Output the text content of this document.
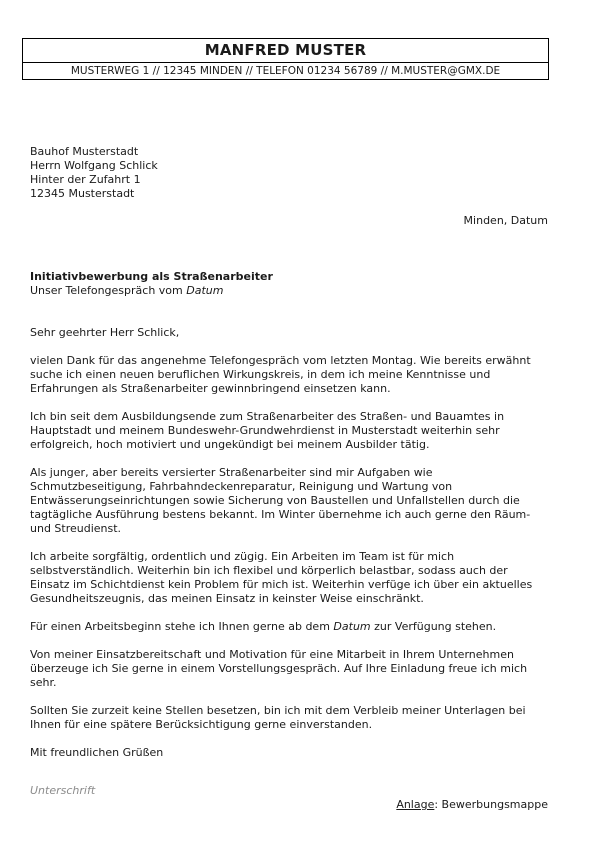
MANFRED MUSTER
MUSTERWEG 1 // 12345 MINDEN // TELEFON 01234 56789 // M.MUSTER@GMX.DE
Bauhof Musterstadt
Herrn Wolfgang Schlick
Hinter der Zufahrt 1
12345 Musterstadt
Minden, Datum
Initiativbewerbung als Straßenarbeiter
Unser Telefongespräch vom Datum

Sehr geehrter Herr Schlick,

vielen Dank für das angenehme Telefongespräch vom letzten Montag. Wie bereits erwähnt suche ich einen neuen beruflichen Wirkungskreis, in dem ich meine Kenntnisse und Erfahrungen als Straßenarbeiter gewinnbringend einsetzen kann.

Ich bin seit dem Ausbildungsende zum Straßenarbeiter des Straßen- und Bauamtes in Hauptstadt und meinem Bundeswehr-Grundwehrdienst in Musterstadt weiterhin sehr erfolgreich, hoch motiviert und ungekündigt bei meinem Ausbilder tätig.

Als junger, aber bereits versierter Straßenarbeiter sind mir Aufgaben wie Schmutzbeseitigung, Fahrbahndeckenreparatur, Reinigung und Wartung von Entwässerungseinrichtungen sowie Sicherung von Baustellen und Unfallstellen durch die tagtägliche Ausführung bestens bekannt. Im Winter übernehme ich auch gerne den Räum- und Streudienst.

Ich arbeite sorgfältig, ordentlich und zügig. Ein Arbeiten im Team ist für mich selbstverständlich. Weiterhin bin ich flexibel und körperlich belastbar, sodass auch der Einsatz im Schichtdienst kein Problem für mich ist. Weiterhin verfüge ich über ein aktuelles Gesundheitszeugnis, das meinen Einsatz in keinster Weise einschränkt.

Für einen Arbeitsbeginn stehe ich Ihnen gerne ab dem Datum zur Verfügung stehen.

Von meiner Einsatzbereitschaft und Motivation für eine Mitarbeit in Ihrem Unternehmen überzeuge ich Sie gerne in einem Vorstellungsgespräch. Auf Ihre Einladung freue ich mich sehr.

Sollten Sie zurzeit keine Stellen besetzen, bin ich mit dem Verbleib meiner Unterlagen bei Ihnen für eine spätere Berücksichtigung gerne einverstanden.

Mit freundlichen Grüßen

Unterschrift
Anlage: Bewerbungsmappe
